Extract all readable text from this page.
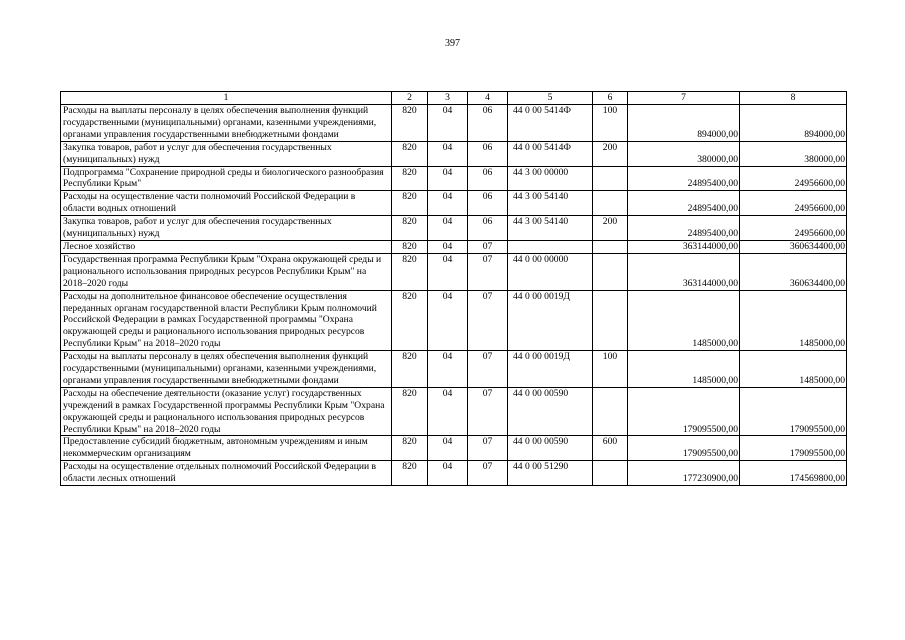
397
1	2	3	4	5	6	7	8
Расходы на выплаты персоналу в целях обеспечения выполнения функций государственными (муниципальными) органами, казенными учреждениями, органами управления государственными внебюджетными фондами	820	04	06	44 0 00 5414Ф	100	894000,00	894000,00
Закупка товаров, работ и услуг для обеспечения государственных (муниципальных) нужд	820	04	06	44 0 00 5414Ф	200	380000,00	380000,00
Подпрограмма "Сохранение природной среды и биологического разнообразия Республики Крым"	820	04	06	44 3 00 00000		24895400,00	24956600,00
Расходы на осуществление части полномочий Российской Федерации в области водных отношений	820	04	06	44 3 00 54140		24895400,00	24956600,00
Закупка товаров, работ и услуг для обеспечения государственных (муниципальных) нужд	820	04	06	44 3 00 54140	200	24895400,00	24956600,00
Лесное хозяйство	820	04	07			363144000,00	360634400,00
Государственная программа Республики Крым "Охрана окружающей среды и рационального использования природных ресурсов Республики Крым" на 2018–2020 годы	820	04	07	44 0 00 00000		363144000,00	360634400,00
Расходы на дополнительное финансовое обеспечение осуществления переданных органам государственной власти Республики Крым полномочий Российской Федерации в рамках Государственной программы "Охрана окружающей среды и рационального использования природных ресурсов Республики Крым" на 2018–2020 годы	820	04	07	44 0 00 0019Д		1485000,00	1485000,00
Расходы на выплаты персоналу в целях обеспечения выполнения функций государственными (муниципальными) органами, казенными учреждениями, органами управления государственными внебюджетными фондами	820	04	07	44 0 00 0019Д	100	1485000,00	1485000,00
Расходы на обеспечение деятельности (оказание услуг) государственных учреждений в рамках Государственной программы Республики Крым "Охрана окружающей среды и рационального использования природных ресурсов Республики Крым" на 2018–2020 годы	820	04	07	44 0 00 00590		179095500,00	179095500,00
Предоставление субсидий бюджетным, автономным учреждениям и иным некоммерческим организациям	820	04	07	44 0 00 00590	600	179095500,00	179095500,00
Расходы на осуществление отдельных полномочий Российской Федерации в области лесных отношений	820	04	07	44 0 00 51290		177230900,00	174569800,00
